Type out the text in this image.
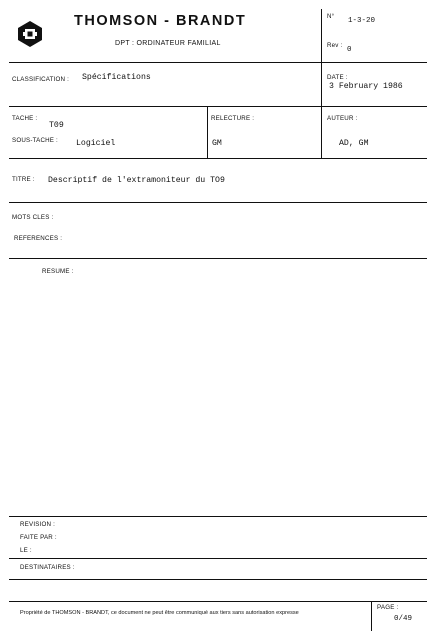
THOMSON - BRANDT
DPT : ORDINATEUR FAMILIAL
N°
1-3-20
Rev :
0
CLASSIFICATION : Spécifications	DATE :
3 February 1986
TACHE :
T09
SOUS-TACHE : Logiciel
RELECTURE :
GM
AUTEUR :
AD, GM
TITRE : Descriptif de l'extramoniteur du TO9
MOTS CLES :
REFERENCES :
RESUME :
REVISION :
FAITE PAR :
LE :
DESTINATAIRES :
Propriété de THOMSON - BRANDT, ce document ne peut être communiqué aux tiers sans autorisation expresse
PAGE :
0/49
